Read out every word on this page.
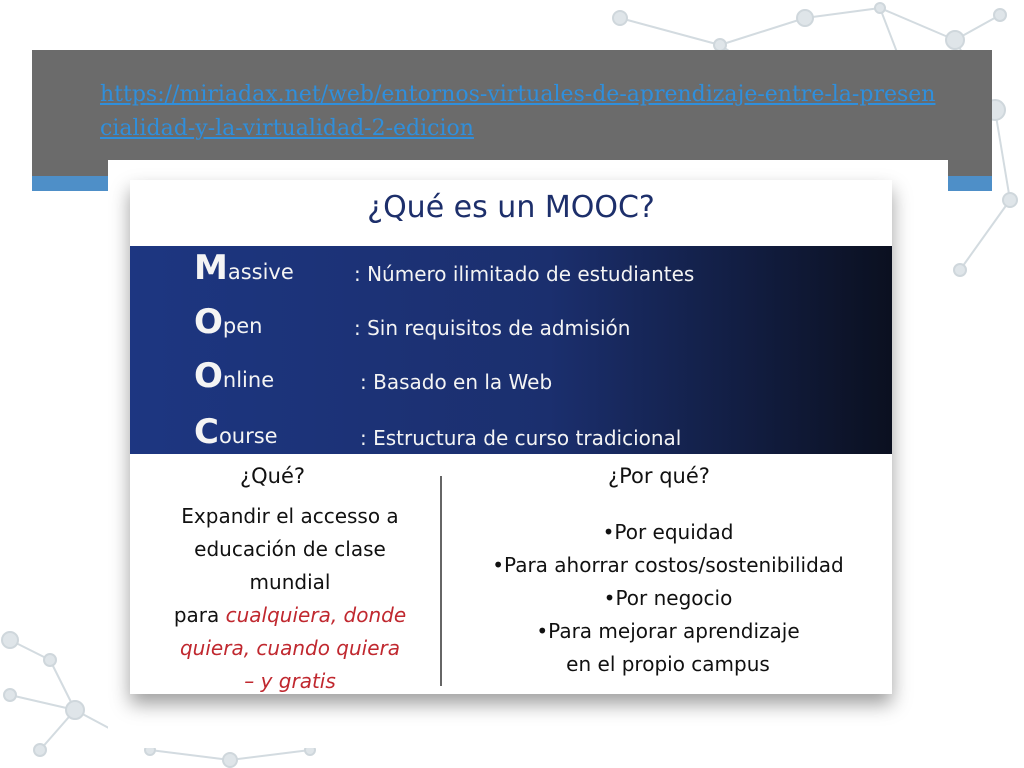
https://miriadax.net/web/entornos-virtuales-de-aprendizaje-entre-la-presencialidad-y-la-virtualidad-2-edicion
¿Qué es un MOOC?
Massive	: Número ilimitado de estudiantes
Open	: Sin requisitos de admisión
Online	: Basado en la Web
Course	: Estructura de curso tradicional
¿Qué?
Expandir el accesso a
educación de clase
mundial
para cualquiera, donde
quiera, cuando quiera
– y gratis
¿Por qué?
•Por equidad
•Para ahorrar costos/sostenibilidad
•Por negocio
•Para mejorar aprendizaje
en el propio campus
